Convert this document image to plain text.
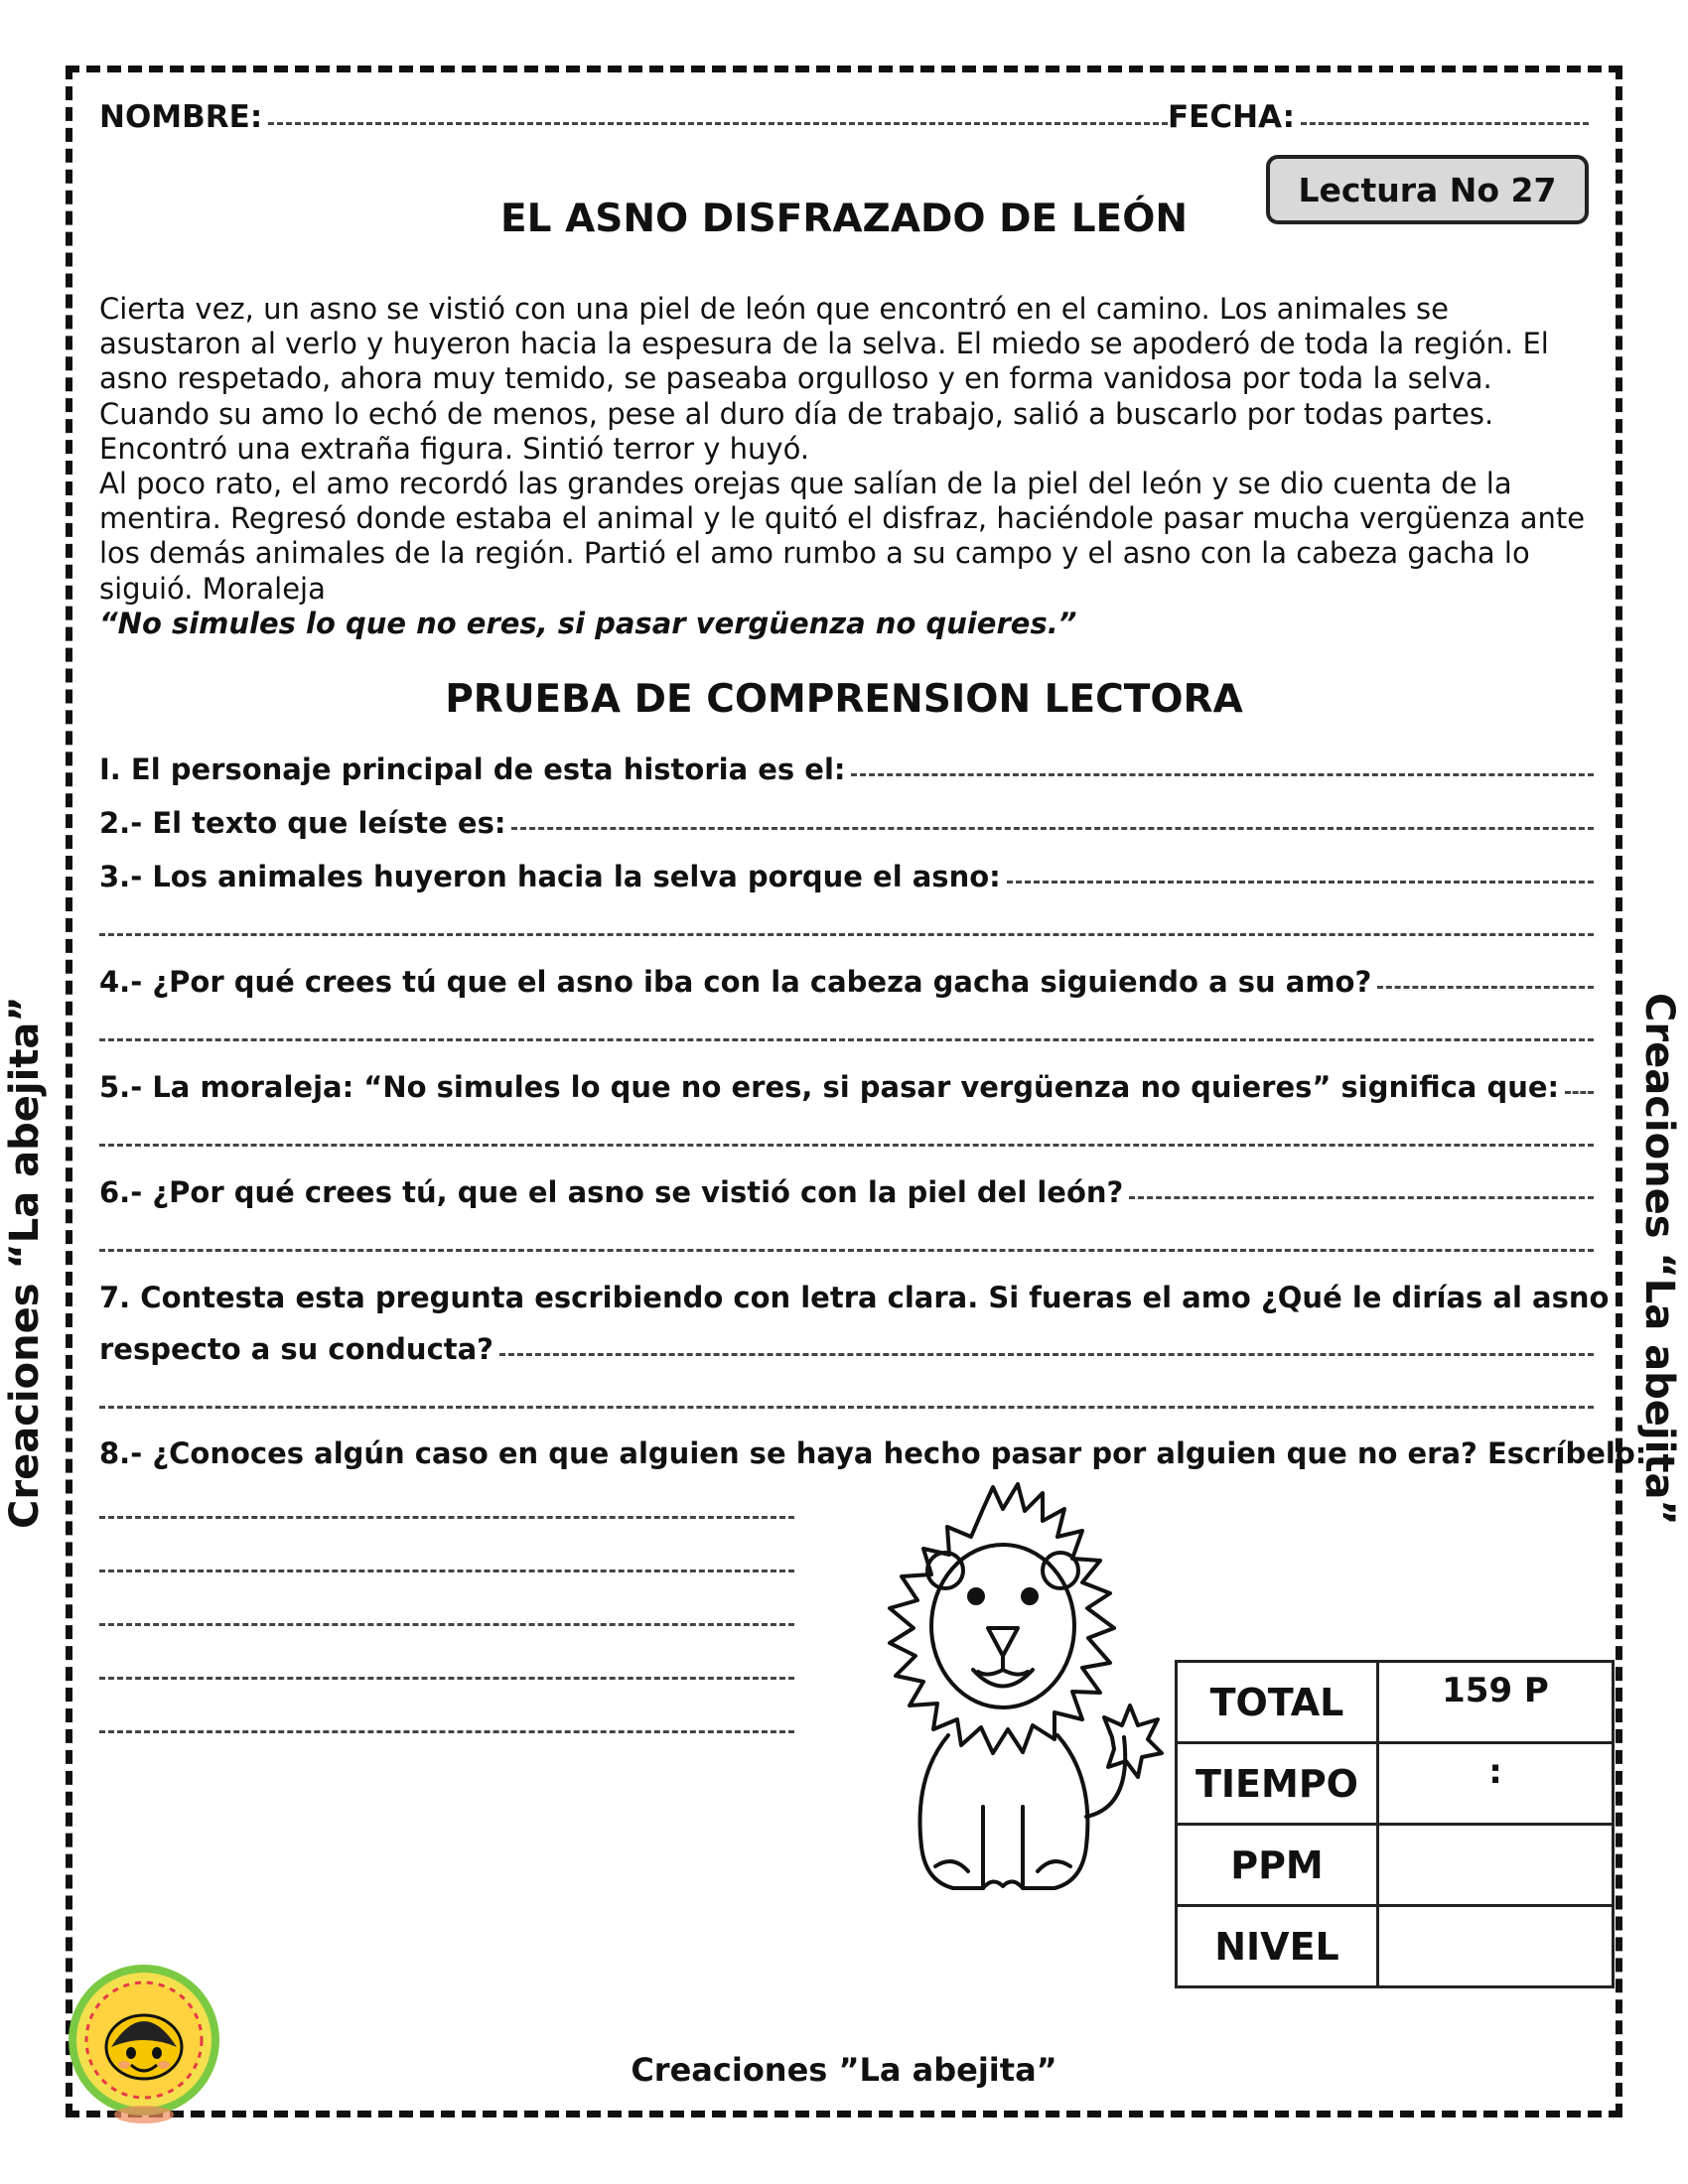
NOMBRE:	FECHA:
Lectura No 27
EL ASNO DISFRAZADO DE LEÓN

Cierta vez, un asno se vistió con una piel de león que encontró en el camino. Los animales se asustaron al verlo y huyeron hacia la espesura de la selva. El miedo se apoderó de toda la región. El asno respetado, ahora muy temido, se paseaba orgulloso y en forma vanidosa por toda la selva. Cuando su amo lo echó de menos, pese al duro día de trabajo, salió a buscarlo por todas partes. Encontró una extraña figura. Sintió terror y huyó.

Al poco rato, el amo recordó las grandes orejas que salían de la piel del león y se dio cuenta de la mentira. Regresó donde estaba el animal y le quitó el disfraz, haciéndole pasar mucha vergüenza ante los demás animales de la región. Partió el amo rumbo a su campo y el asno con la cabeza gacha lo siguió. Moraleja

“No simules lo que no eres, si pasar vergüenza no quieres.”

PRUEBA DE COMPRENSION LECTORA
I. El personaje principal de esta historia es el:
2.- El texto que leíste es:
3.- Los animales huyeron hacia la selva porque el asno:
4.- ¿Por qué crees tú que el asno iba con la cabeza gacha siguiendo a su amo?
5.- La moraleja: “No simules lo que no eres, si pasar vergüenza no quieres” significa que:
6.- ¿Por qué crees tú, que el asno se vistió con la piel del león?
7. Contesta esta pregunta escribiendo con letra clara. Si fueras el amo ¿Qué le dirías al asno
respecto a su conducta?
8.- ¿Conoces algún caso en que alguien se haya hecho pasar por alguien que no era? Escríbelo:
TOTAL	159 P
TIEMPO	:
PPM	
NIVEL	
Creaciones “La abejita”	Creaciones “La abejita”
Creaciones ”La abejita”
